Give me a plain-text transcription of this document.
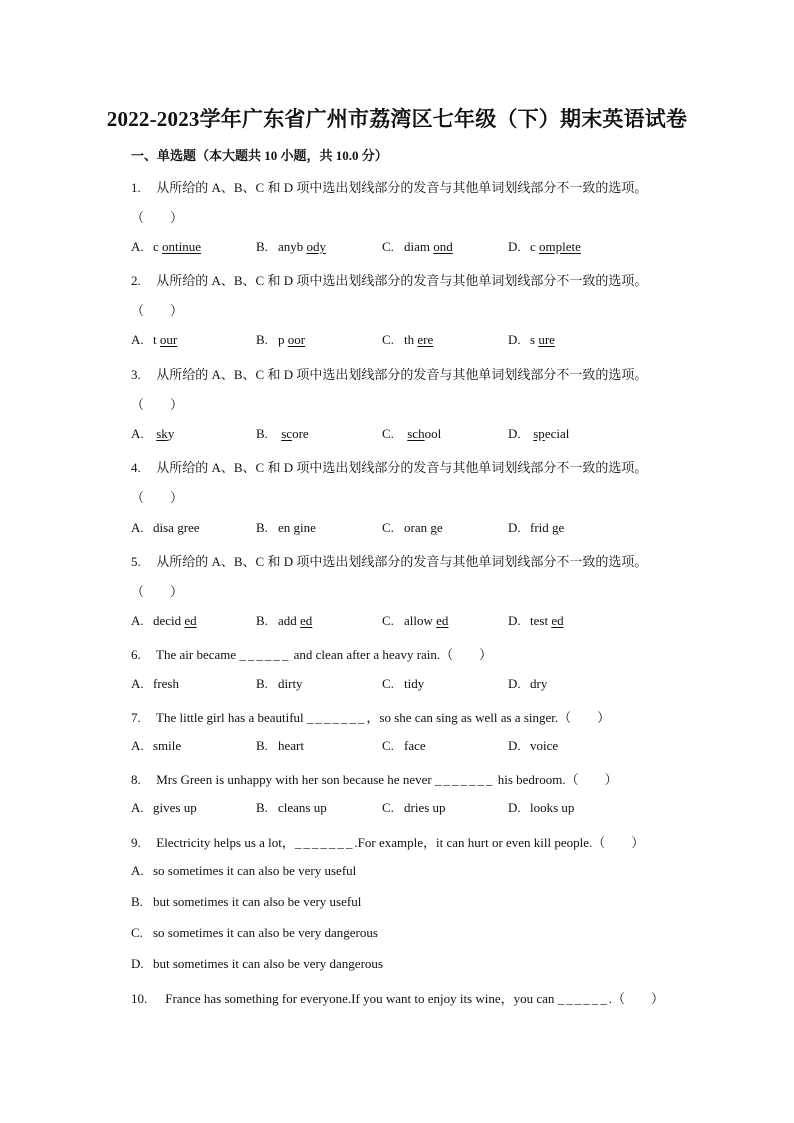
2022-2023学年广东省广州市荔湾区七年级（下）期末英语试卷
一、单选题（本大题共 10 小题，共 10.0 分）
1. 从所给的 A、B、C 和 D 项中选出划线部分的发音与其他单词划线部分不一致的选项。
（　　）
A. c ontinue	B. anyb ody	C. diam ond	D. c omplete
2. 从所给的 A、B、C 和 D 项中选出划线部分的发音与其他单词划线部分不一致的选项。
（　　）
A. t our	B. p oor	C. th ere	D. s ure
3. 从所给的 A、B、C 和 D 项中选出划线部分的发音与其他单词划线部分不一致的选项。
（　　）
A. sky	B. score	C. school	D. special
4. 从所给的 A、B、C 和 D 项中选出划线部分的发音与其他单词划线部分不一致的选项。
（　　）
A. disa gree	B. en gine	C. oran ge	D. frid ge
5. 从所给的 A、B、C 和 D 项中选出划线部分的发音与其他单词划线部分不一致的选项。
（　　）
A. decid ed	B. add ed	C. allow ed	D. test ed
6. The air became ______ and clean after a heavy rain.（　　）
A. fresh	B. dirty	C. tidy	D. dry
7. The little girl has a beautiful _______，so she can sing as well as a singer.（　　）
A. smile	B. heart	C. face	D. voice
8. Mrs Green is unhappy with her son because he never _______ his bedroom.（　　）
A. gives up	B. cleans up	C. dries up	D. looks up
9. Electricity helps us a lot，_______.For example，it can hurt or even kill people.（　　）
A. so sometimes it can also be very useful
B. but sometimes it can also be very useful
C. so sometimes it can also be very dangerous
D. but sometimes it can also be very dangerous
10. France has something for everyone.If you want to enjoy its wine，you can ______.（　　）
